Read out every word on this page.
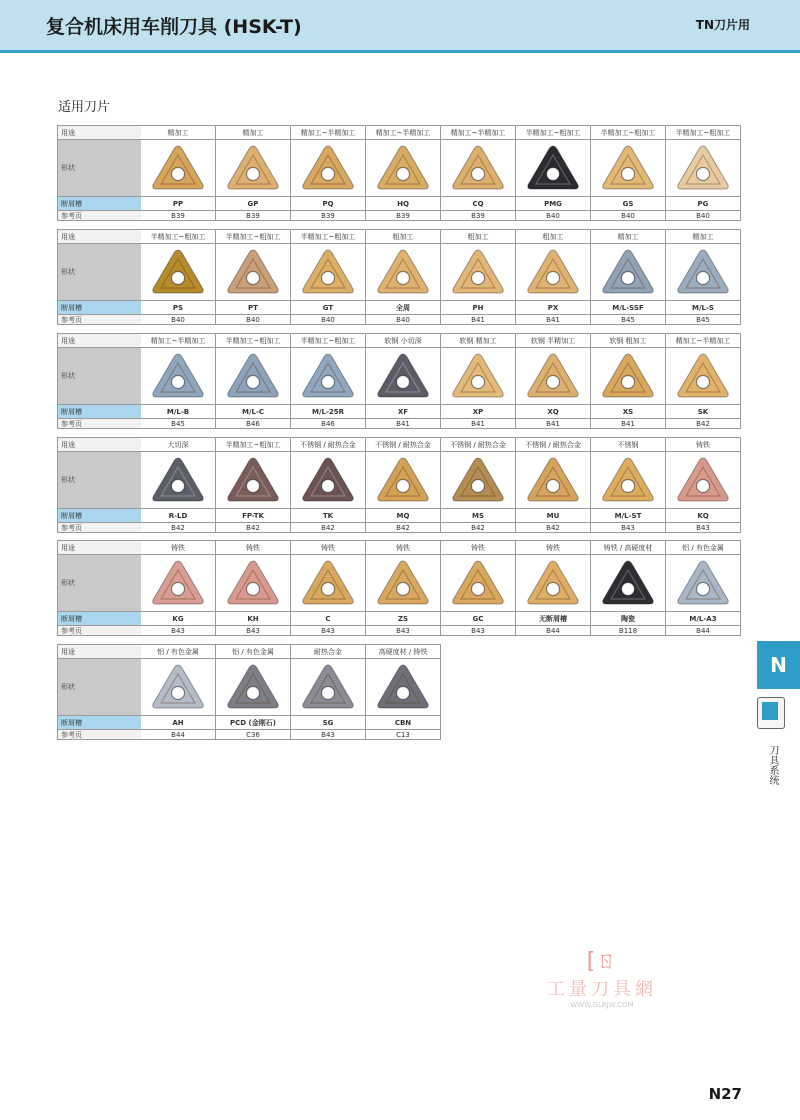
复合机床用车削刀具 (HSK-T)	TN刀片用
适用刀片
用途	精加工	精加工	精加工~半精加工	精加工~半精加工	精加工~半精加工	半精加工~粗加工	半精加工~粗加工	半精加工~粗加工
形状
断屑槽	PP	GP	PQ	HQ	CQ	PMG	GS	PG
参考页	B39	B39	B39	B39	B39	B40	B40	B40
用途	半精加工~粗加工	半精加工~粗加工	半精加工~粗加工	粗加工	粗加工	粗加工	精加工	精加工
形状
断屑槽	PS	PT	GT	全周	PH	PX	M/L-SSF	M/L-S
参考页	B40	B40	B40	B40	B41	B41	B45	B45
用途	精加工~半精加工	半精加工~粗加工	半精加工~粗加工	软钢 小切深	软钢 精加工	软钢 半精加工	软钢 粗加工	精加工~半精加工
形状
断屑槽	M/L-B	M/L-C	M/L-25R	XF	XP	XQ	XS	SK
参考页	B45	B46	B46	B41	B41	B41	B41	B42
用途	大切深	半精加工~粗加工	不锈钢 / 耐热合金	不锈钢 / 耐热合金	不锈钢 / 耐热合金	不锈钢 / 耐热合金	不锈钢	铸铁
形状
断屑槽	R-LD	FP-TK	TK	MQ	MS	MU	M/L-ST	KQ
参考页	B42	B42	B42	B42	B42	B42	B43	B43
用途	铸铁	铸铁	铸铁	铸铁	铸铁	铸铁	铸铁 / 高硬度材	铝 / 有色金属
形状
断屑槽	KG	KH	C	ZS	GC	无断屑槽	陶瓷	M/L-A3
参考页	B43	B43	B43	B43	B43	B44	B118	B44
用途	铝 / 有色金属	铝 / 有色金属	耐热合金	高硬度材 / 铸铁
形状
断屑槽	AH	PCD (金刚石)	SG	CBN
参考页	B44	C36	B43	C13
N
刀具系统
[ㄖ
工量刀具網
WWW.GLRJW.COM
N27
